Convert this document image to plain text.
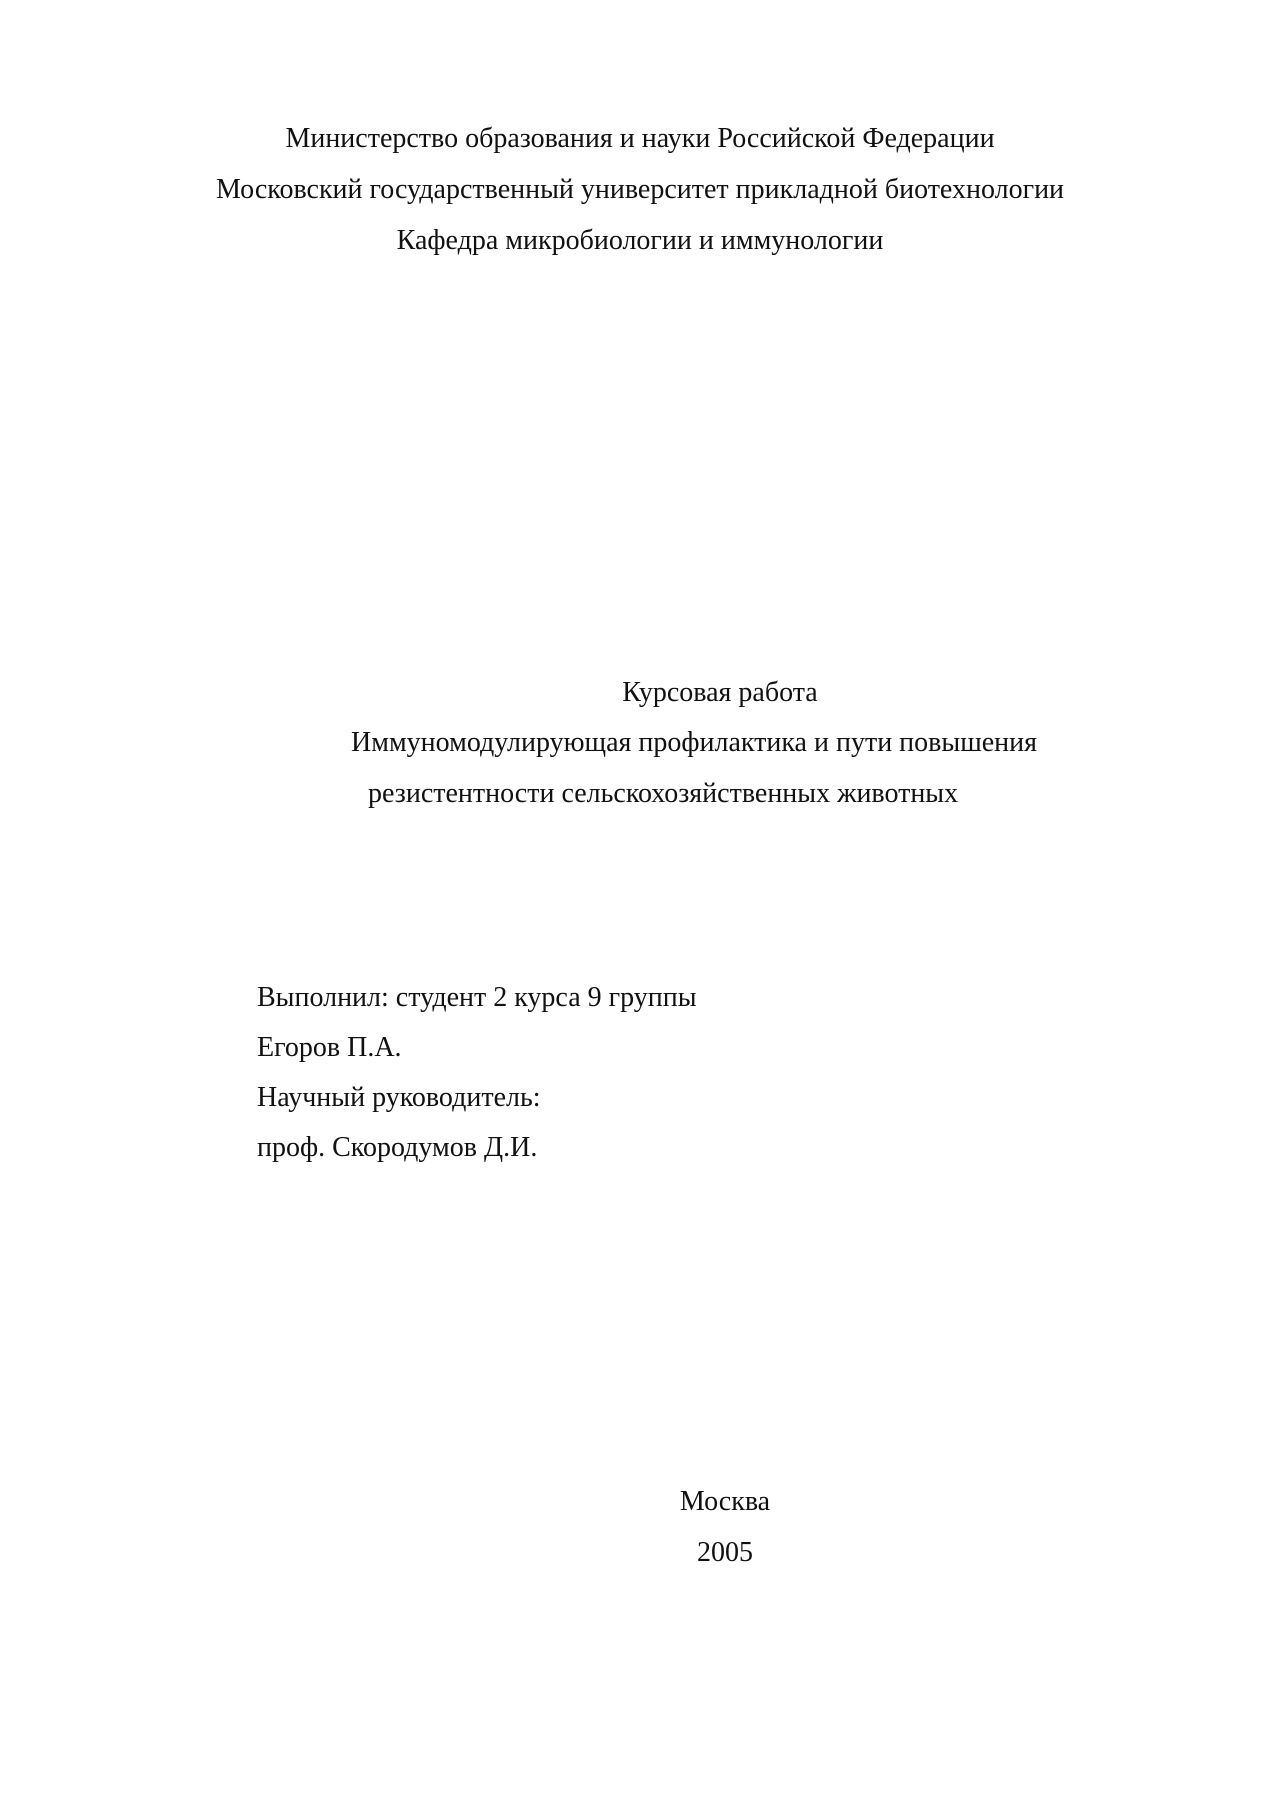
Министерство образования и науки Российской Федерации
Московский государственный университет прикладной биотехнологии
Кафедра микробиологии и иммунологии
Курсовая работа
Иммуномодулирующая профилактика и пути повышения
резистентности сельскохозяйственных животных
Выполнил: студент 2 курса 9 группы
Егоров П.А.
Научный руководитель:
проф. Скородумов Д.И.
Москва
2005
